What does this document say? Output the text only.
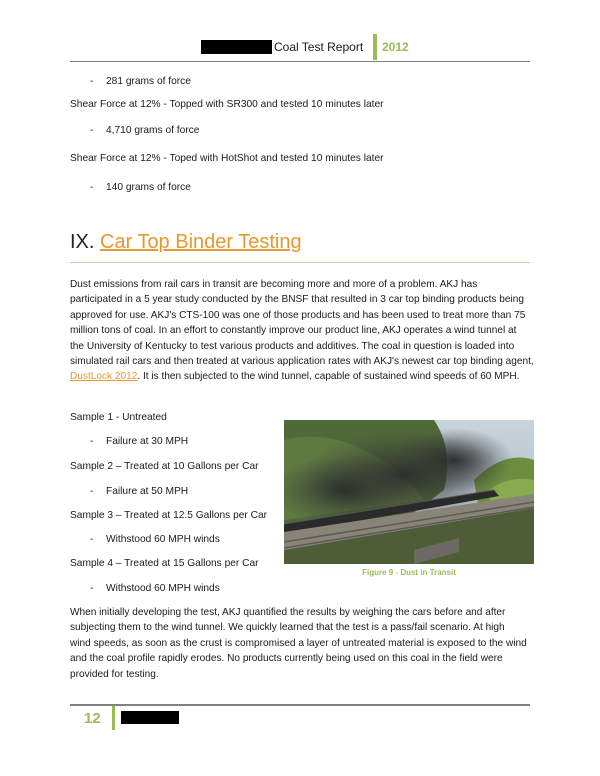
Coal Test Report 2012
- 281 grams of force
Shear Force at 12% - Topped with SR300 and tested 10 minutes later
- 4,710 grams of force
Shear Force at 12% - Toped with HotShot and tested 10 minutes later
- 140 grams of force
IX. Car Top Binder Testing
Dust emissions from rail cars in transit are becoming more and more of a problem. AKJ has
participated in a 5 year study conducted by the BNSF that resulted in 3 car top binding products being
approved for use. AKJ's CTS-100 was one of those products and has been used to treat more than 75
million tons of coal. In an effort to constantly improve our product line, AKJ operates a wind tunnel at
the University of Kentucky to test various products and additives. The coal in question is loaded into
simulated rail cars and then treated at various application rates with AKJ's newest car top binding agent,
DustLock 2012. It is then subjected to the wind tunnel, capable of sustained wind speeds of 60 MPH.
Sample 1 - Untreated
- Failure at 30 MPH
Sample 2 – Treated at 10 Gallons per Car
- Failure at 50 MPH
Sample 3 – Treated at 12.5 Gallons per Car
- Withstood 60 MPH winds
Sample 4 – Treated at 15 Gallons per Car
- Withstood 60 MPH winds
Figure 9 - Dust in Transit
When initially developing the test, AKJ quantified the results by weighing the cars before and after
subjecting them to the wind tunnel. We quickly learned that the test is a pass/fail scenario. At high
wind speeds, as soon as the crust is compromised a layer of untreated material is exposed to the wind
and the coal profile rapidly erodes. No products currently being used on this coal in the field were
provided for testing.
12
